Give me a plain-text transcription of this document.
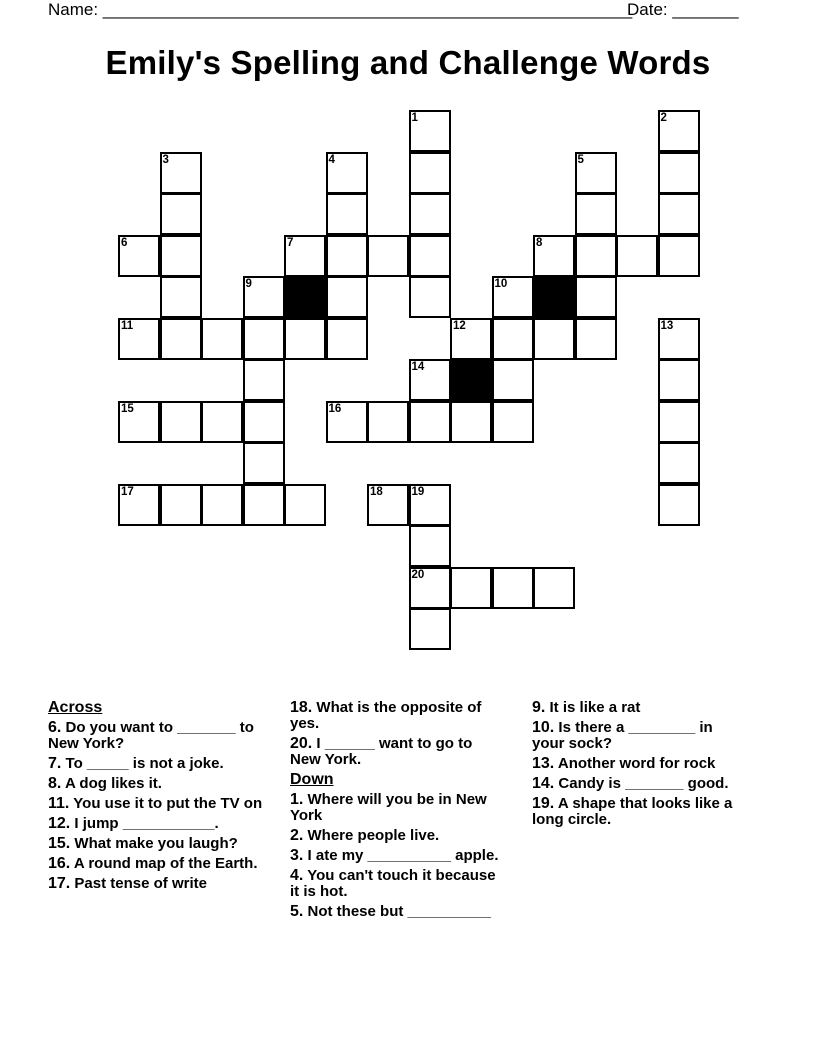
Name: ________________________________________________________
Date: _______
Emily's Spelling and Challenge Words
1	2
3	4	5
6	7	8
9	10
11	12	13
14
15	16
17	18 19
20
Across
6. Do you want to _______ to New York?
7. To _____ is not a joke.
8. A dog likes it.
11. You use it to put the TV on
12. I jump ___________.
15. What make you laugh?
16. A round map of the Earth.
17. Past tense of write
18. What is the opposite of yes.
20. I ______ want to go to New York.
Down
1. Where will you be in New York
2. Where people live.
3. I ate my __________ apple.
4. You can't touch it because it is hot.
5. Not these but __________
9. It is like a rat
10. Is there a ________ in your sock?
13. Another word for rock
14. Candy is _______ good.
19. A shape that looks like a long circle.
